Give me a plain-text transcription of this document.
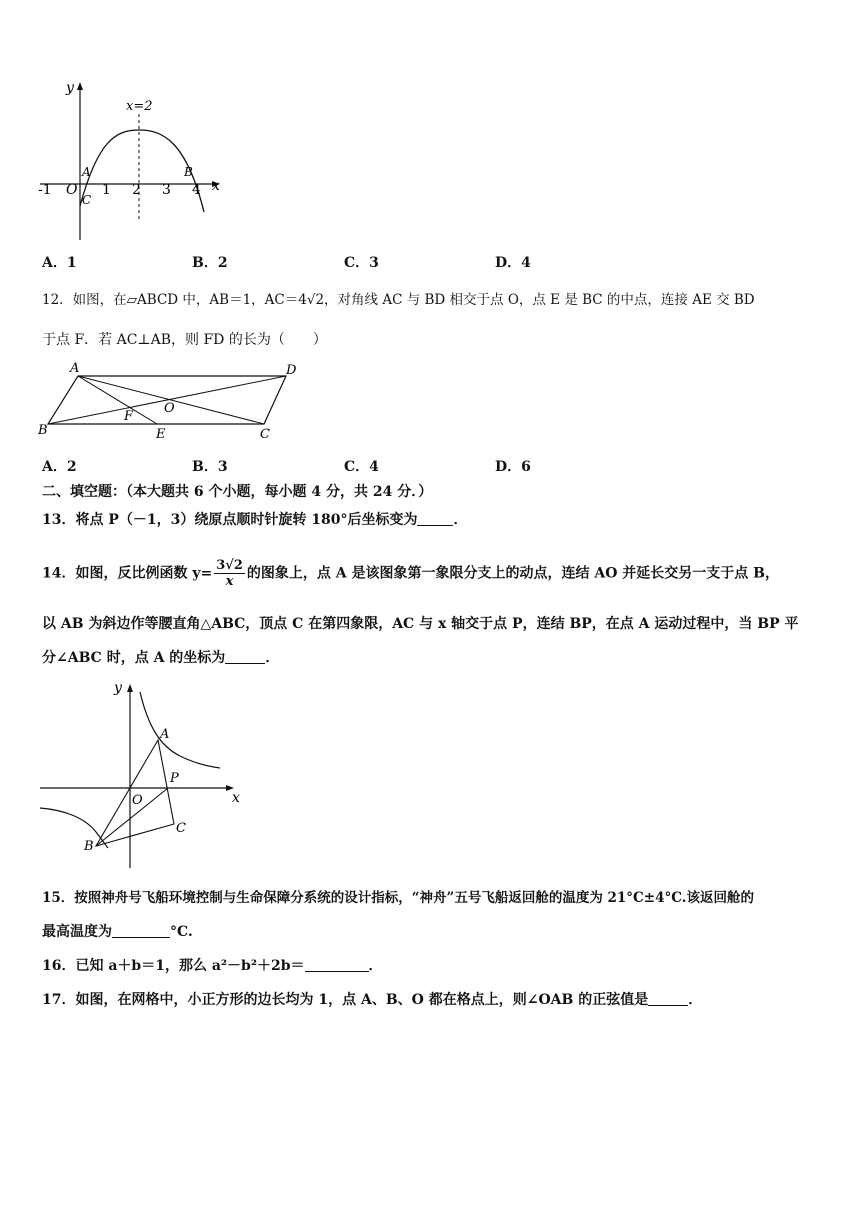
y
x
x=2
O
A	B
C
-1	1 2 3 4
A．1	B．2	C．3	D．4
12．如图，在▱ABCD 中，AB＝1，AC＝4√2，对角线 AC 与 BD 相交于点 O，点 E 是 BC 的中点，连接 AE 交 BD
于点 F．若 AC⊥AB，则 FD 的长为（　　）
A	D
B	C
O
F
E
A．2	B．3	C．4	D．6
二、填空题：（本大题共 6 个小题，每小题 4 分，共 24 分．）
13．将点 P（－1，3）绕原点顺时针旋转 180°后坐标变为	．
14．如图，反比例函数 $y= \frac{3√2}{x}$ 的图象上，点 A 是该图象第一象限分支上的动点，连结 AO 并延长交另一支于点 B，
以 AB 为斜边作等腰直角△ABC，顶点 C 在第四象限，AC 与 x 轴交于点 P，连结 BP，在点 A 运动过程中，当 BP 平
分∠ABC 时，点 A 的坐标为	．
y
x
O
A
B
C
P
15．按照神舟号飞船环境控制与生命保障分系统的设计指标，“神舟”五号飞船返回舱的温度为 21°C±4°C.该返回舱的
最高温度为	°C.
16．已知 a＋b＝1，那么 a²－b²＋2b＝	．
17．如图，在网格中，小正方形的边长均为 1，点 A、B、O 都在格点上，则∠OAB 的正弦值是	．
